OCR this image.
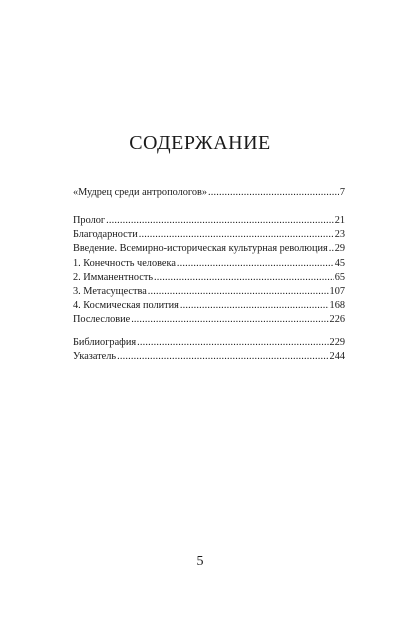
СОДЕРЖАНИЕ
«Мудрец среди антропологов» . . .	7
Пролог . . .	21
Благодарности . . .	23
Введение. Всемирно-историческая культурная революция . . . 29
1. Конечность человека . . .	45
2. Имманентность . . .	65
3. Метасущества . . .	107
4. Космическая полития . . .	168
Послесловие . . .	226
Библиография . . .	229
Указатель . . .	244
5
